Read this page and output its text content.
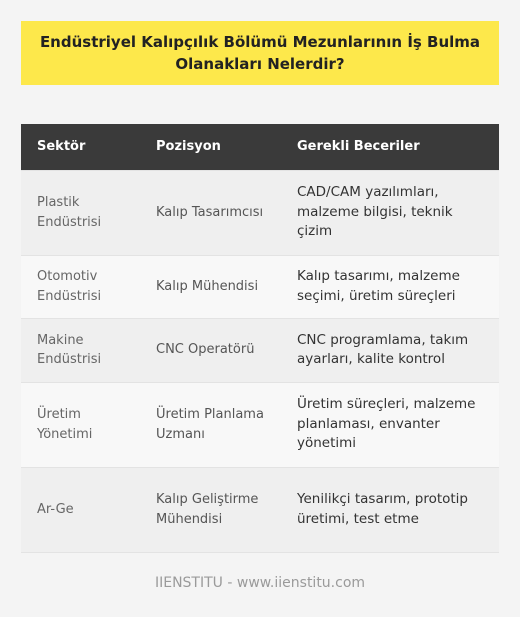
Endüstriyel Kalıpçılık Bölümü Mezunlarının İş Bulma
Olanakları Nelerdir?
Sektör	Pozisyon	Gerekli Beceriler
Plastik Endüstrisi	Kalıp Tasarımcısı	CAD/CAM yazılımları, malzeme bilgisi, teknik çizim
Otomotiv Endüstrisi	Kalıp Mühendisi	Kalıp tasarımı, malzeme seçimi, üretim süreçleri
Makine Endüstrisi	CNC Operatörü	CNC programlama, takım ayarları, kalite kontrol
Üretim Yönetimi	Üretim Planlama Uzmanı	Üretim süreçleri, malzeme planlaması, envanter yönetimi
Ar-Ge	Kalıp Geliştirme Mühendisi	Yenilikçi tasarım, prototip üretimi, test etme
IIENSTITU - www.iienstitu.com
